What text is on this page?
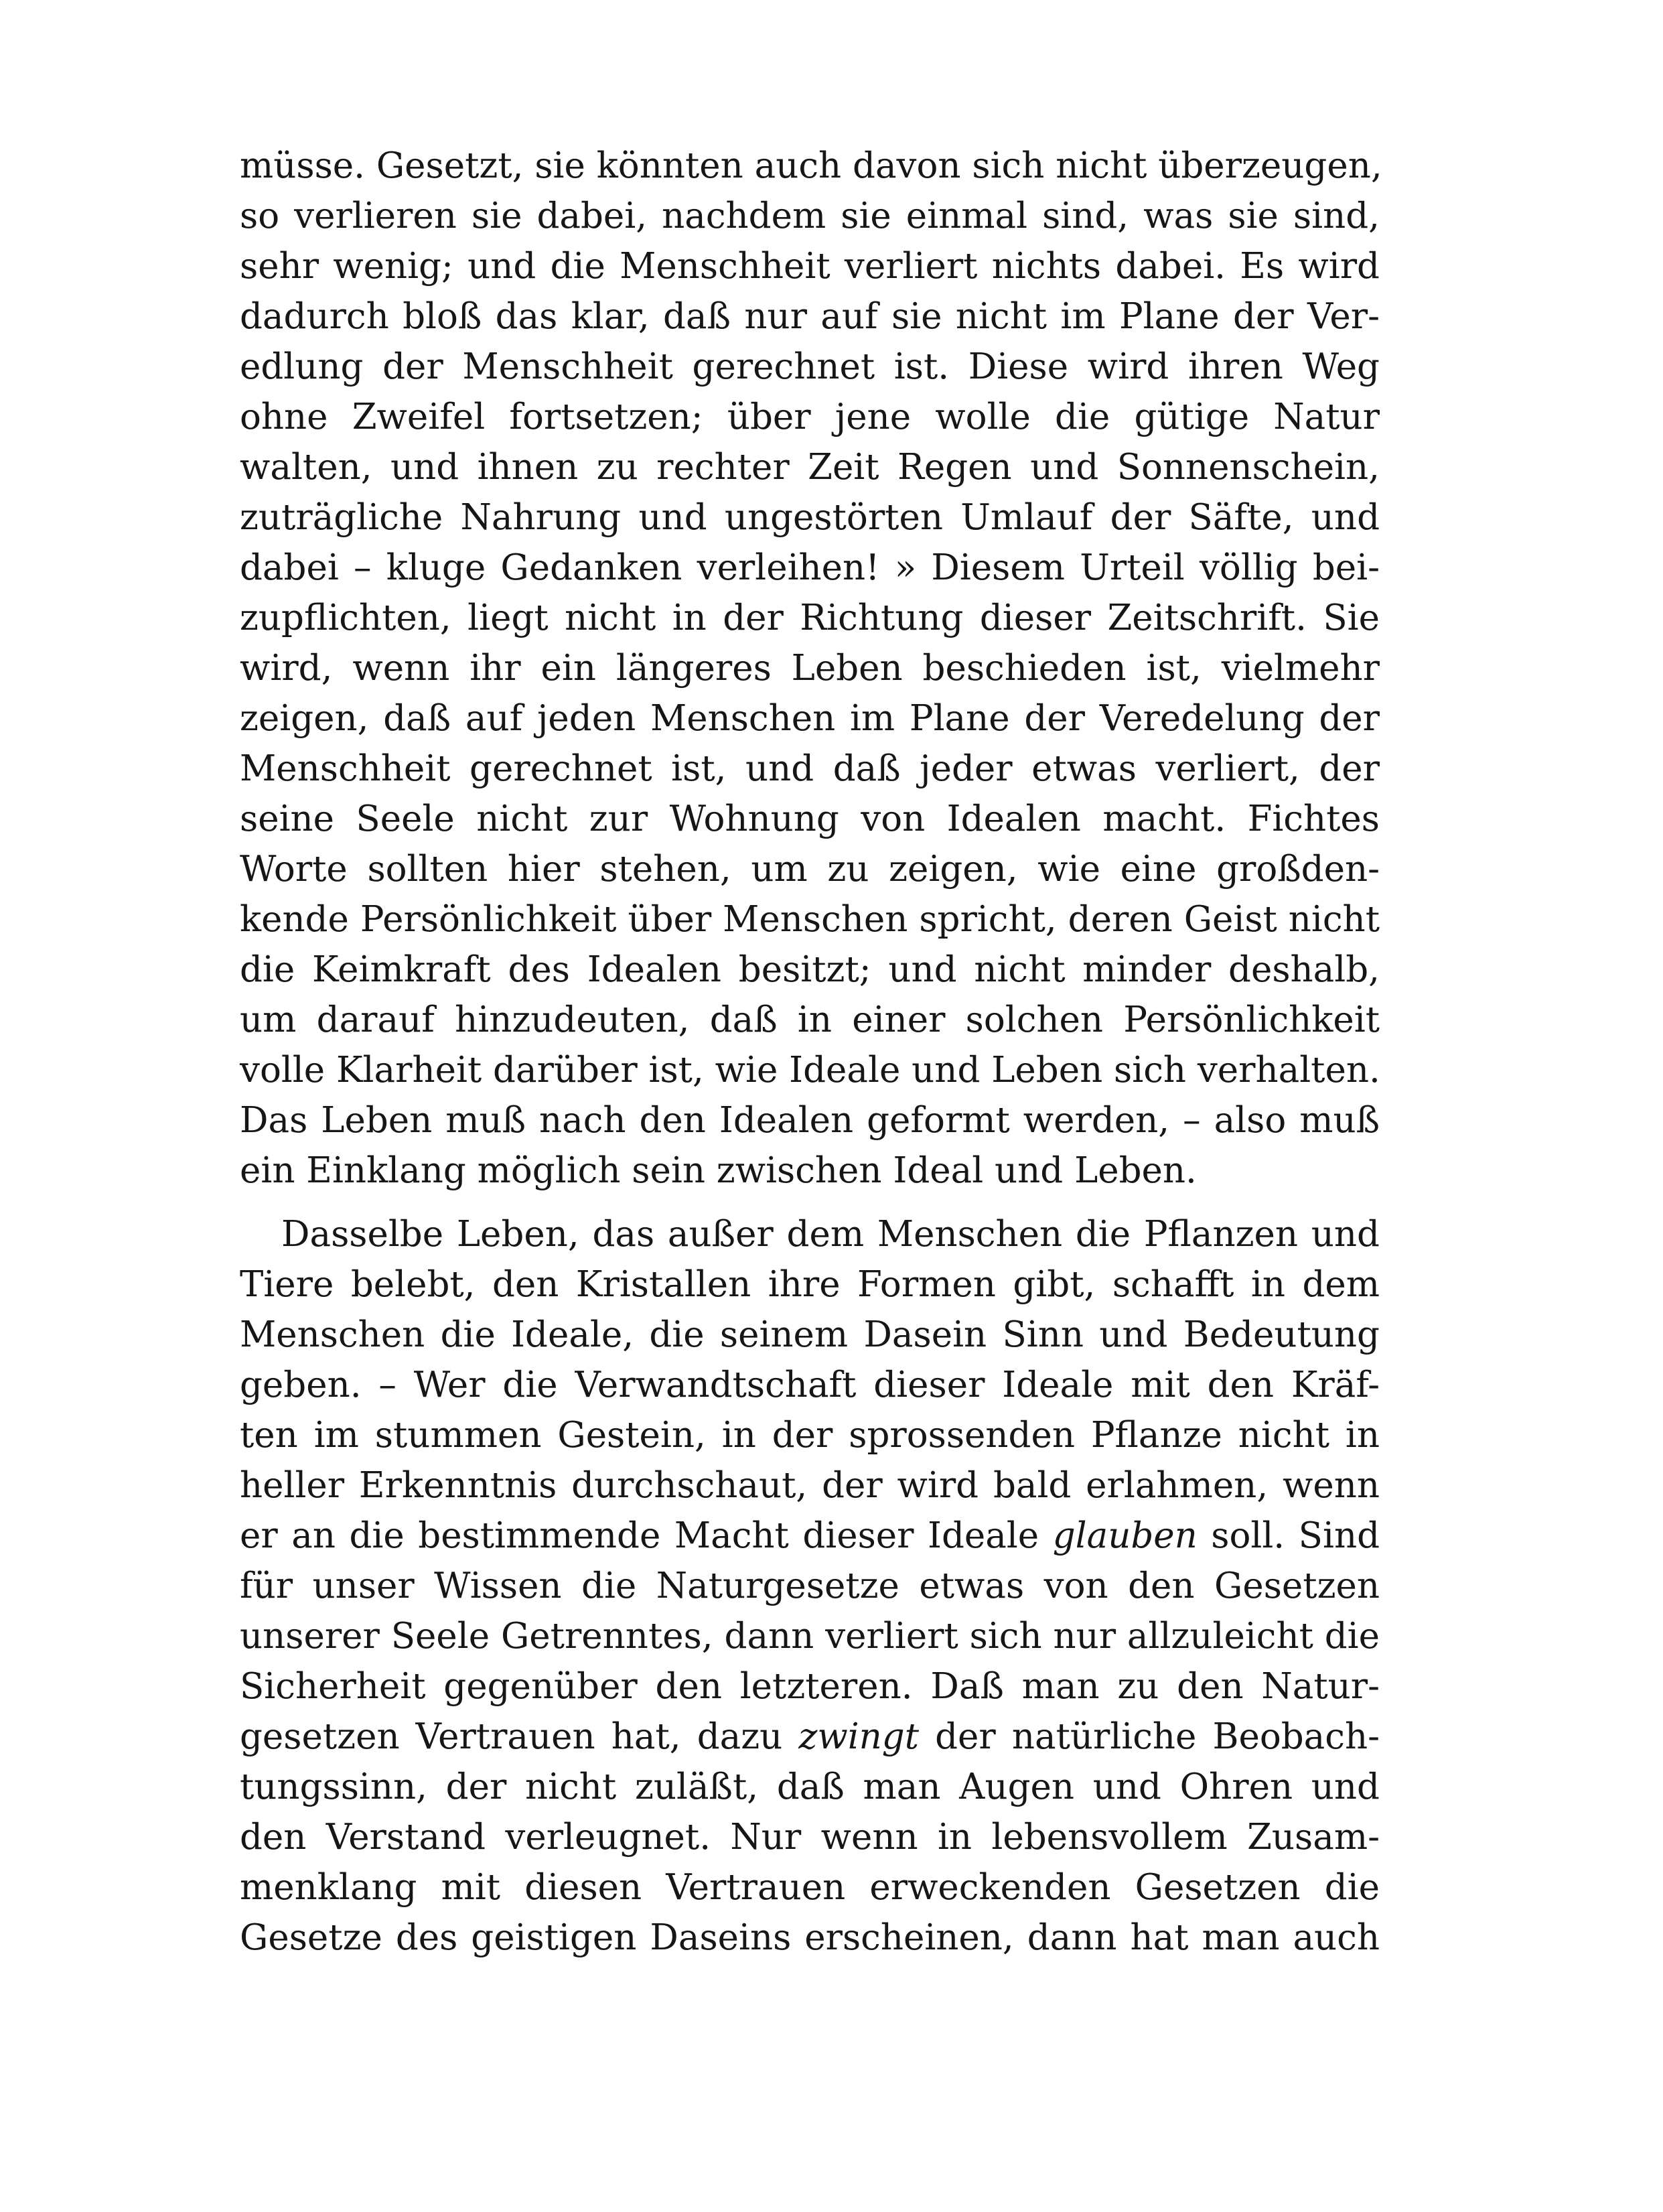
müsse. Gesetzt, sie könnten auch davon sich nicht überzeugen,
so verlieren sie dabei, nachdem sie einmal sind, was sie sind,
sehr wenig; und die Menschheit verliert nichts dabei. Es wird
dadurch bloß das klar, daß nur auf sie nicht im Plane der Ver-
edlung der Menschheit gerechnet ist. Diese wird ihren Weg
ohne Zweifel fortsetzen; über jene wolle die gütige Natur
walten, und ihnen zu rechter Zeit Regen und Sonnenschein,
zuträgliche Nahrung und ungestörten Umlauf der Säfte, und
dabei – kluge Gedanken verleihen! » Diesem Urteil völlig bei-
zupflichten, liegt nicht in der Richtung dieser Zeitschrift. Sie
wird, wenn ihr ein längeres Leben beschieden ist, vielmehr
zeigen, daß auf jeden Menschen im Plane der Veredelung der
Menschheit gerechnet ist, und daß jeder etwas verliert, der
seine Seele nicht zur Wohnung von Idealen macht. Fichtes
Worte sollten hier stehen, um zu zeigen, wie eine großden-
kende Persönlichkeit über Menschen spricht, deren Geist nicht
die Keimkraft des Idealen besitzt; und nicht minder deshalb,
um darauf hinzudeuten, daß in einer solchen Persönlichkeit
volle Klarheit darüber ist, wie Ideale und Leben sich verhalten.
Das Leben muß nach den Idealen geformt werden, – also muß
ein Einklang möglich sein zwischen Ideal und Leben.
Dasselbe Leben, das außer dem Menschen die Pflanzen und
Tiere belebt, den Kristallen ihre Formen gibt, schafft in dem
Menschen die Ideale, die seinem Dasein Sinn und Bedeutung
geben. – Wer die Verwandtschaft dieser Ideale mit den Kräf-
ten im stummen Gestein, in der sprossenden Pflanze nicht in
heller Erkenntnis durchschaut, der wird bald erlahmen, wenn
er an die bestimmende Macht dieser Ideale glauben soll. Sind
für unser Wissen die Naturgesetze etwas von den Gesetzen
unserer Seele Getrenntes, dann verliert sich nur allzuleicht die
Sicherheit gegenüber den letzteren. Daß man zu den Natur-
gesetzen Vertrauen hat, dazu zwingt der natürliche Beobach-
tungssinn, der nicht zuläßt, daß man Augen und Ohren und
den Verstand verleugnet. Nur wenn in lebensvollem Zusam-
menklang mit diesen Vertrauen erweckenden Gesetzen die
Gesetze des geistigen Daseins erscheinen, dann hat man auch
